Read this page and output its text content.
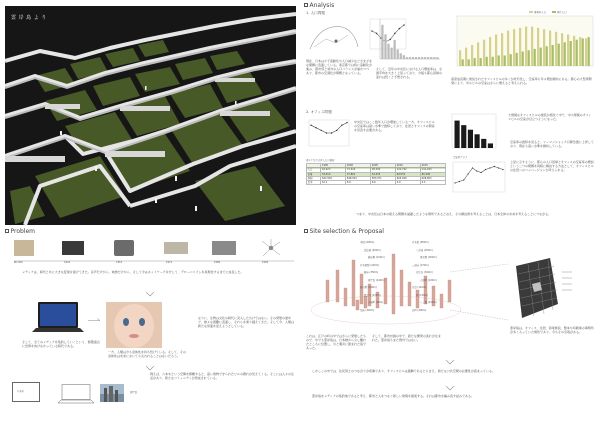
霊 岸 島 よ り
Analysis
1. 人口問題	事務所人口	居住人口
現在、日本は少子高齢化や人口減少などさまざまな問題に直面している。東京都では特に高齢化が進み、都市部と郊外の人口バランスが崩れつつあり、都市の空洞化が問題となっている。
そして、近年の中央区における人口増加率は、全国平均を大きく上回っており、今後も都心回帰の流れは続くと予想される。	高度成長期に建設されたオフィスビルの多くが老朽化し、空室率も年々増加傾向にある。都心の大型再開発により、中小ビルの空室はさらに増えると考えられる。
2. オフィス問題
中央区ではここ数年人口が増加している一方、オフィスビルの空室率は高い水準で推移しており、住居とオフィスの関係を見直す必要がある。
大規模なオフィスビルの建設が相次ぐ中で、中小規模のオフィスビルの空室が目立つようになった。
表1.主な中央区人口の推移
	1995	2000	2005	2010	2015
人口	63,923	72,526	98,399	122,762	141,183
世帯	32,010	37,801	52,433	69,532	80,436
昼間	647,902	648,034	653,071	605,926	608,603
比率	10.1	8.9	6.6	4.9	4.3
空室率グラフ
空室率の推移を見ると、リーマンショック以降急激に上昇しており、現在も高い水準を維持している。
上記に示すように、都心の人口回帰とオフィスの空室率の増加という二つの問題を同時に解決する方法として、オフィスビルの住居へのコンバージョンが考えられる。
つまり、中央区は日本の抱える問題を凝縮したような場所であると言え、その解決策を考えることは、日本全体の未来を考えることにつながる。
Problem
BC.300	1924	1953	1972	1980	1995
メディアは、時代と共に大きな変貌を遂げてきた。音声だけから、映像だけから、そして今はネットワークを介して、グローバリズムを具現化するまでに成長した。
そして、全てのメディアを集約していくという、無限遠点に世界を向けなかっている時代である。
一方、人類は今も身体性を持ち続けている。そして、その身体性は未来においても失われることはないだろう。
なりに、生物は文化の時代に突入したわけではない。その発展の途中で、様々な困難に直面し、それらを乗り越えてきた。そして今、人類は新たな局面を迎えようとしている。
例えば、六本木という空間を俯瞰すると、高い建物で守られたビルの群れが見えてくる。そこには人々の生活があり、新たなコミュニティが形成されている。
六本木	霊岸島
Site selection & Proposal
本橋 (600m)	日本橋 (850m)
高島屋 (400m)	八重洲 (250m)
銀座駅 (150m)	東京駅 (300m)
日本橋駅 (100m)	三越前 (270m)
銀座 (350m)	日比谷 (300m)
霊岸島 (440m)	人形町 (220m)
新川駅 (190m)	月島 (110m)
勝どき (270m)	佃 (130m)
茅場町 (60m)	八丁堀 (210m)
築地 (320m)	浜町 (400m)
これは、江戸の町の中ではさらに発展したもので、中でも霊岸島は、日本橋から少し離れたところに位置し、川と運河に囲まれた島であった。
そして、都市計画の中で、新たな開発の流れが生まれた。霊岸島もまた例外ではない。
霊岸島は、オフィス、住居、商業施設、製本や印刷業の事務所が多く入っていた場所であり、今もその名残がある。
しかしこの中では、住民同士のつながりが希薄であり、オフィスビルは過剰であるとも言え、新たな公共空間の必要性が高まっている。
霊岸島をメディアの集約地であると考え、都市と人をつなぐ新しい建築を提案する。それは都市を編み直す試みである。
